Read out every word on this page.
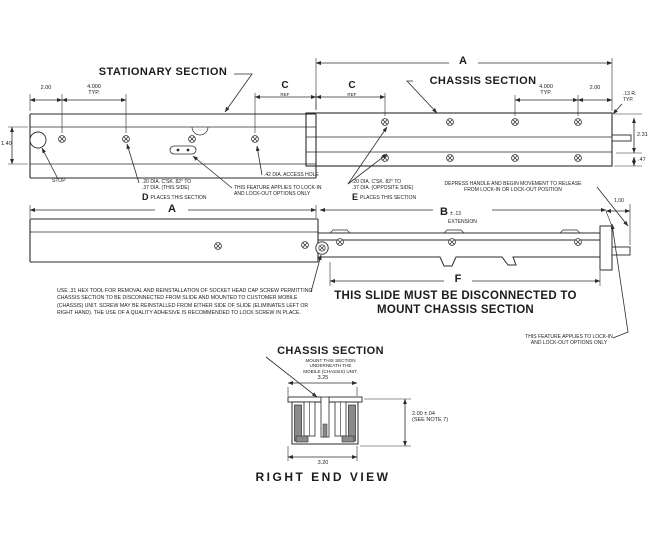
STATIONARY SECTION
CHASSIS SECTION
2.00	4.000
TYP.
C
REF
C
REF
A
4.000
TYP.
2.00
.13 R.
TYP.
2.31
.47
1.40
STOP	.20 DIA. C'SK. 82° TO
.37 DIA. (THIS SIDE)
DPLACES THIS SECTION
.42 DIA. ACCESS HOLE
THIS FEATURE APPLIES TO LOCK-IN
AND LOCK-OUT OPTIONS ONLY
.20 DIA. C'SK. 82° TO
.37 DIA. (OPPOSITE SIDE)
EPLACES THIS SECTION
DEPRESS HANDLE AND BEGIN MOVEMENT TO RELEASE
FROM LOCK-IN OR LOCK-OUT POSITION
A	B ± .13
EXTENSION
1.00
F
THIS SLIDE MUST BE DISCONNECTED TO
MOUNT CHASSIS SECTION
USE .31 HEX TOOL FOR REMOVAL AND REINSTALLATION OF SOCKET HEAD CAP SCREW PERMITTING
CHASSIS SECTION TO BE DISCONNECTED FROM SLIDE AND MOUNTED TO CUSTOMER MOBILE
(CHASSIS) UNIT. SCREW MAY BE REINSTALLED FROM EITHER SIDE OF SLIDE (ELIMINATES LEFT OR
RIGHT HAND). THE USE OF A QUALITY ADHESIVE IS RECOMMENDED TO LOCK SCREW IN PLACE.
THIS FEATURE APPLIES TO LOCK-IN
AND LOCK-OUT OPTIONS ONLY
CHASSIS SECTION
MOUNT THIS SECTION
UNDERNEATH THE
MOBILE (CHASSIS) UNIT.
3.25
3.20
2.00 ±.04
(SEE NOTE 7)
RIGHT END VIEW
